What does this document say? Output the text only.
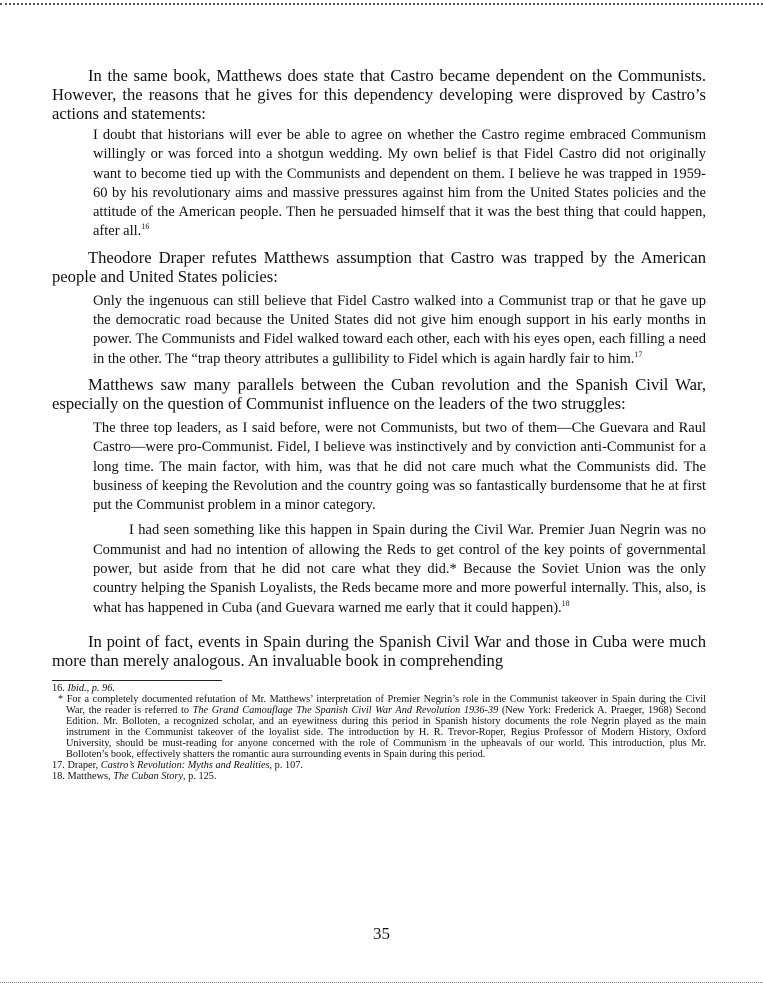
In the same book, Matthews does state that Castro became dependent on the Communists. However, the reasons that he gives for this dependency developing were disproved by Castro’s actions and statements:

I doubt that historians will ever be able to agree on whether the Castro regime embraced Communism willingly or was forced into a shotgun wedding. My own belief is that Fidel Castro did not originally want to become tied up with the Communists and dependent on them. I believe he was trapped in 1959-60 by his revolutionary aims and massive pressures against him from the United States policies and the attitude of the American people. Then he persuaded himself that it was the best thing that could happen, after all.$^{16}$

Theodore Draper refutes Matthews assumption that Castro was trapped by the American people and United States policies:

Only the ingenuous can still believe that Fidel Castro walked into a Communist trap or that he gave up the democratic road because the United States did not give him enough support in his early months in power. The Communists and Fidel walked toward each other, each with his eyes open, each filling a need in the other. The “trap theory attributes a gullibility to Fidel which is again hardly fair to him.$^{17}$

Matthews saw many parallels between the Cuban revolution and the Spanish Civil War, especially on the question of Communist influence on the leaders of the two struggles:

The three top leaders, as I said before, were not Communists, but two of them—Che Guevara and Raul Castro—were pro-Communist. Fidel, I believe was instinctively and by conviction anti-Communist for a long time. The main factor, with him, was that he did not care much what the Communists did. The business of keeping the Revolution and the country going was so fantastically burdensome that he at first put the Communist problem in a minor category.

I had seen something like this happen in Spain during the Civil War. Premier Juan Negrin was no Communist and had no intention of allowing the Reds to get control of the key points of governmental power, but aside from that he did not care what they did.* Because the Soviet Union was the only country helping the Spanish Loyalists, the Reds became more and more powerful internally. This, also, is what has happened in Cuba (and Guevara warned me early that it could happen).$^{18}$

In point of fact, events in Spain during the Spanish Civil War and those in Cuba were much more than merely analogous. An invaluable book in comprehending

16. Ibid., p. 96.

* For a completely documented refutation of Mr. Matthews’ interpretation of Premier Negrin’s role in the Communist takeover in Spain during the Civil War, the reader is referred to The Grand Camouflage The Spanish Civil War And Revolution 1936-39 (New York: Frederick A. Praeger, 1968) Second Edition. Mr. Bolloten, a recognized scholar, and an eyewitness during this period in Spanish history documents the role Negrin played as the main instrument in the Communist takeover of the loyalist side. The introduction by H. R. Trevor-Roper, Regius Professor of Modern History, Oxford University, should be must-reading for anyone concerned with the role of Communism in the upheavals of our world. This introduction, plus Mr. Bolloten’s book, effectively shatters the romantic aura surrounding events in Spain during this period.

17. Draper, Castro’s Revolution: Myths and Realities, p. 107.

18. Matthews, The Cuban Story, p. 125.

35
